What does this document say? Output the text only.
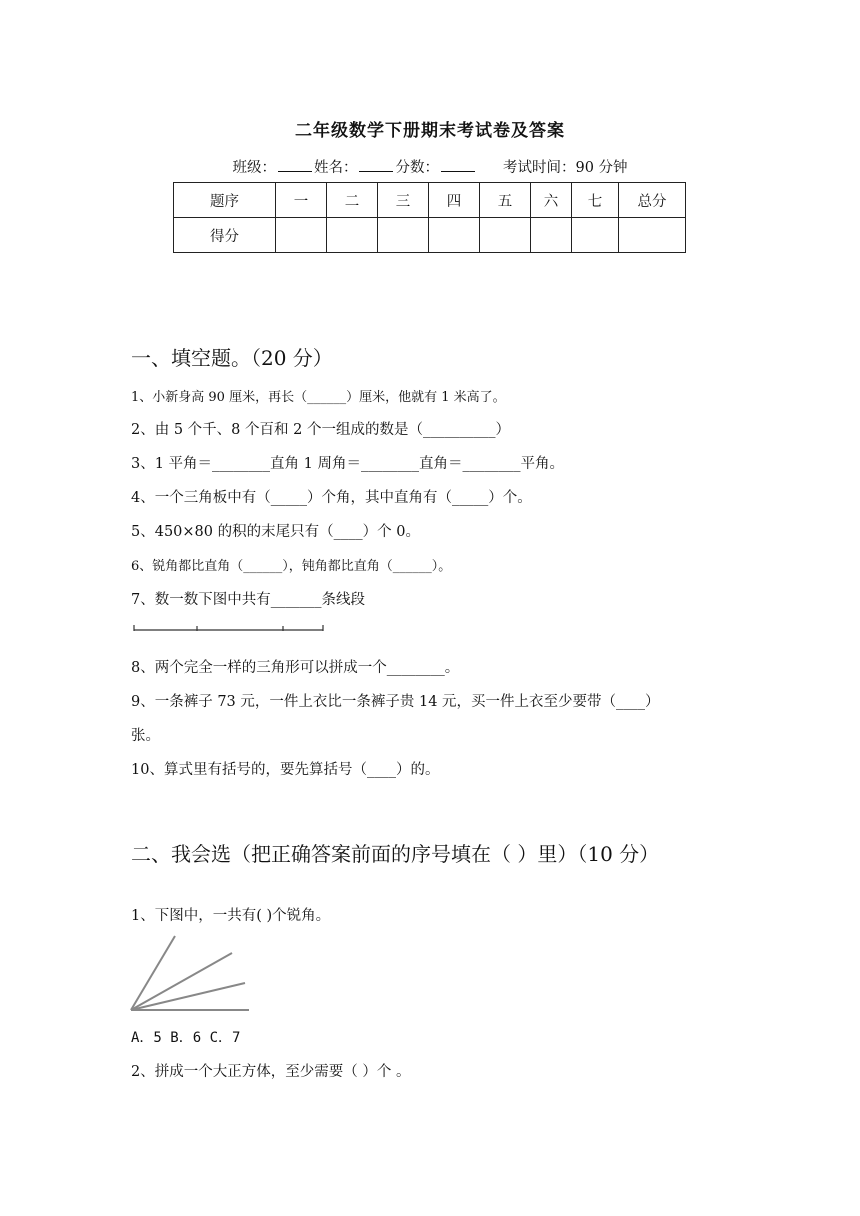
二年级数学下册期末考试卷及答案
班级：	姓名：	分数：	考试时间：90 分钟
题序	一	二	三	四	五	六	七	总分
得分								
一、填空题。（20 分）
1、小新身高 90 厘米，再长（______）厘米，他就有 1 米高了。
2、由 5 个千、8 个百和 2 个一组成的数是（__________）
3、1 平角＝________直角 1 周角＝________直角＝________平角。
4、一个三角板中有（_____）个角，其中直角有（_____）个。
5、450×80 的积的末尾只有（____）个 0。
6、锐角都比直角（______），钝角都比直角（______）。
7、数一数下图中共有_______条线段
8、两个完全一样的三角形可以拼成一个________。
9、一条裤子 73 元，一件上衣比一条裤子贵 14 元，买一件上衣至少要带（____）
张。
10、算式里有括号的，要先算括号（____）的。
二、我会选（把正确答案前面的序号填在（ ）里）（10 分）
1、下图中，一共有( )个锐角。
A．5 B．6 C．7
2、拼成一个大正方体，至少需要（ ）个 。
